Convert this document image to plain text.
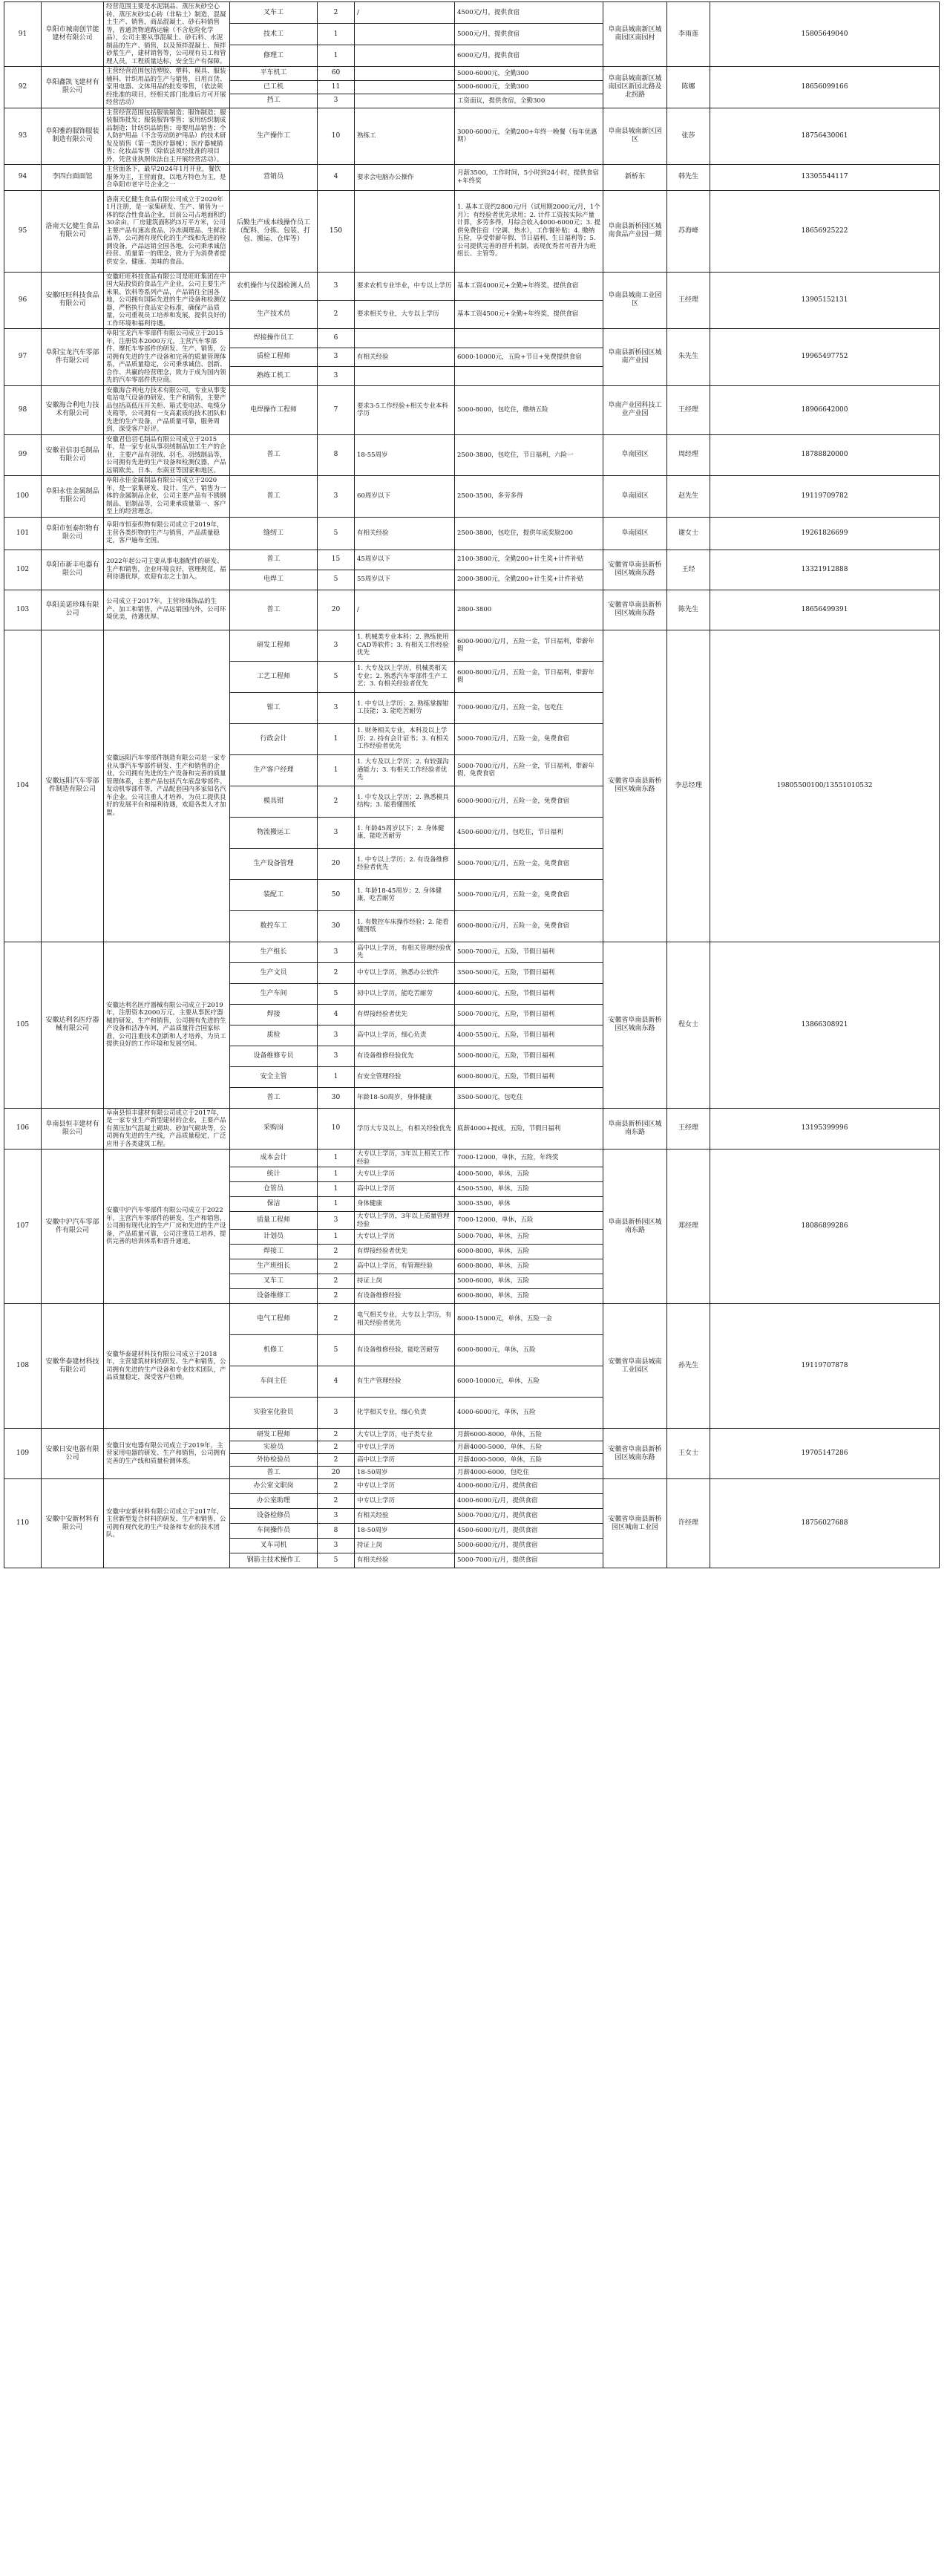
91	阜阳市城南创节能建材有限公司	经营范围主要是水泥制品、蒸压灰砂空心砖、蒸压灰砂实心砖（非粘土）制造，混凝土生产、销售，商品混凝土、砂石料销售等，普通货物道路运输（不含危险化学品），公司主要从事混凝土、砂石料、水泥制品的生产、销售，以及预拌混凝土、预拌砂浆生产，建材销售等，公司现有员工和管理人员，工程质量达标，安全生产有保障。	叉车工	2	/	4500元/月，提供食宿	阜南县城南新区城南园区南园村	李雨莲	15805649040
			技术工	1		5000元/月，提供食宿			
			修理工	1		6000元/月，提供食宿			
92	阜阳鑫凯飞建材有限公司	主营经营范围包括塑胶、塑料、模具、服装辅料、针织用品的生产与销售，日用百货、家用电器、文体用品的批发零售，（依法须经批准的项目，经相关部门批准后方可开展经营活动）	平车机工	60		5000-6000元，全勤300	阜南县城南新区城南园区新园北路及北拐路	陈娜	18656099166
			已工机	11		5000-6000元，全勤300			
			挡工	3		工资面议，提供食宿，全勤300			
93	阜阳雅韵服饰服装制造有限公司	主营经营范围包括服装制造；服饰制造；服装服饰批发；服装服饰零售；家用纺织制成品制造；针纺织品销售；母婴用品销售；个人防护用品（不含劳动防护用品）的技术研发及销售（第一类医疗器械）；医疗器械销售；化妆品零售（除依法须经批准的项目外，凭营业执照依法自主开展经营活动）。	生产操作工	10	熟练工	3000-6000元，全勤200+年终一晚餐（每年优惠期）	阜南县城南新区园区	张莎	18756430061
94	李四白面面馆	主营面条下，最早2024年1月开业，餐饮服务为主，主营面食，以地方特色为主，是合阜阳市老字号企业之一	营销员	4	要求会电脑办公操作	月薪3500，工作时间，5小时到24小时，提供食宿+年终奖	新桥东	韩先生	13305544117
95	洛南天亿健生食品有限公司	洛南天亿健生食品有限公司成立于2020年1月注册，是一家集研发、生产、销售为一体的综合性食品企业，目前公司占地面积约30余亩，厂房建筑面积约3万平方米，公司主要产品有速冻食品、冷冻调理品、生鲜冻品等，公司拥有现代化的生产线和先进的检测设备，产品远销全国各地，公司秉承诚信经营、质量第一的理念，致力于为消费者提供安全、健康、美味的食品。	后勤生产成本线操作员工（配料、分拣、包装、打包、搬运、仓库等）	150		1. 基本工资约2800元/月（试用期2000元/月，1个月）；有经验者优先录用；2. 计件工资按实际产量计算，多劳多得，月综合收入4000-6000元；3. 提供免费住宿（空调、热水），工作餐补贴；4. 缴纳五险，享受带薪年假、节日福利、生日福利等；5. 公司提供完善的晋升机制，表现优秀者可晋升为班组长、主管等。	阜南县新桥园区城南食品产业园一期	苏海峰	18656925222
96	安徽旺旺科技食品有限公司	安徽旺旺科技食品有限公司是旺旺集团在中国大陆投资的食品生产企业，公司主要生产米果、饮料等系列产品，产品销往全国各地，公司拥有国际先进的生产设备和检测仪器，严格执行食品安全标准，确保产品质量，公司重视员工培养和发展，提供良好的工作环境和福利待遇。	农机操作与仪器检测人员	3	要求农机专业毕业，中专以上学历	基本工资4000元+全勤+年终奖，提供食宿	阜南县城南工业园区	王经理	13905152131
			生产技术员	2	要求相关专业，大专以上学历	基本工资4500元+全勤+年终奖，提供食宿			
97	阜阳宝龙汽车零部件有限公司	阜阳宝龙汽车零部件有限公司成立于2015年，注册资本2000万元，主营汽车零部件、摩托车零部件的研发、生产、销售，公司拥有先进的生产设备和完善的质量管理体系，产品质量稳定，公司秉承诚信、创新、合作、共赢的经营理念，致力于成为国内领先的汽车零部件供应商。	焊接操作员工	6			阜南县新桥园区城南产业园	朱先生	19965497752
			质检工程师	3	有相关经验	6000-10000元，五险+节日+免费提供食宿			
			熟练工机工	3					
98	安徽海合利电力技术有限公司	安徽海合利电力技术有限公司，专业从事变电站电气设备的研发、生产和销售，主要产品包括高低压开关柜、箱式变电站、电缆分支箱等，公司拥有一支高素质的技术团队和先进的生产设备，产品质量可靠，服务周到，深受客户好评。	电焊操作工程师	7	要求3-5工作经验+相关专业本科学历	5000-8000，包吃住，缴纳五险	阜南产业园科技工业产业园	王经理	18906642000
99	安徽君信羽毛制品有限公司	安徽君信羽毛制品有限公司成立于2015年，是一家专业从事羽绒制品加工生产的企业，主要产品有羽绒、羽毛、羽绒制品等，公司拥有先进的生产设备和检测仪器，产品远销欧美、日本、东南亚等国家和地区。	普工	8	18-55周岁	2500-3800，包吃住，节日福利，六险一	阜南园区	周经理	18788820000
100	阜阳永佳金属制品有限公司	阜阳永佳金属制品有限公司成立于2020年，是一家集研发、设计、生产、销售为一体的金属制品企业，公司主要产品有不锈钢制品、铝制品等，公司秉承质量第一、客户至上的经营理念。	普工	3	60周岁以下	2500-3500，多劳多得	阜南园区	赵先生	19119709782
101	阜阳市恒泰织物有限公司	阜阳市恒泰织物有限公司成立于2019年，主营各类织物的生产与销售，产品质量稳定，客户遍布全国。	缝纫工	5	有相关经验	2500-3800，包吃住，提供年底奖励200	阜南园区	谢女士	19261826699
102	阜阳市新丰电器有限公司	2022年起公司主要从事电器配件的研发、生产和销售，企业环境良好，管理规范，福利待遇优厚，欢迎有志之士加入。	普工	15	45周岁以下	2100-3800元，全勤200+计生奖+计件补贴	安徽省阜南县新桥园区城南东路	王经	13321912888
			电焊工	5	55周岁以下	2000-3800元，全勤200+计生奖+计件补贴			
103	阜阳美诺珍珠有限公司	公司成立于2017年，主营珍珠饰品的生产、加工和销售，产品远销国内外，公司环境优美，待遇优厚。	普工	20	/	2800-3800	安徽省阜南县新桥园区城南东路	陈先生	18656499391
104	安徽远阳汽车零部件制造有限公司	安徽远阳汽车零部件制造有限公司是一家专业从事汽车零部件研发、生产和销售的企业，公司拥有先进的生产设备和完善的质量管理体系，主要产品包括汽车底盘零部件、发动机零部件等，产品配套国内多家知名汽车企业。公司注重人才培养，为员工提供良好的发展平台和福利待遇，欢迎各类人才加盟。	研发工程师	3	1. 机械类专业本科；2. 熟练使用CAD等软件；3. 有相关工作经验优先	6000-9000元/月，五险一金，节日福利，带薪年假	安徽省阜南县新桥园区城南东路	李总经理	19805500100/13551010532
			工艺工程师	5	1. 大专及以上学历，机械类相关专业；2. 熟悉汽车零部件生产工艺；3. 有相关经验者优先	6000-8000元/月，五险一金，节日福利，带薪年假			
			钳工	3	1. 中专以上学历；2. 熟练掌握钳工技能；3. 能吃苦耐劳	7000-9000元/月，五险一金，包吃住			
			行政会计	1	1. 财务相关专业，本科及以上学历；2. 持有会计证书；3. 有相关工作经验者优先	5000-7000元/月，五险一金，免费食宿			
			生产客户经理	1	1. 大专及以上学历；2. 有较强沟通能力；3. 有相关工作经验者优先	5000-7000元/月，五险一金，节日福利，带薪年假，免费食宿			
			模具钳	2	1. 中专及以上学历；2. 熟悉模具结构；3. 能看懂图纸	6000-9000元/月，五险一金，免费食宿			
			物流搬运工	3	1. 年龄45周岁以下；2. 身体健康，能吃苦耐劳	4500-6000元/月，包吃住，节日福利			
			生产设备管理	20	1. 中专以上学历；2. 有设备维修经验者优先	5000-7000元/月，五险一金，免费食宿			
			装配工	50	1. 年龄18-45周岁；2. 身体健康，吃苦耐劳	5000-7000元/月，五险一金，免费食宿			
			数控车工	30	1. 有数控车床操作经验；2. 能看懂图纸	6000-8000元/月，五险一金，免费食宿			
105	安徽达利名医疗器械有限公司	安徽达利名医疗器械有限公司成立于2019年，注册资本2000万元，主要从事医疗器械的研发、生产和销售，公司拥有先进的生产设备和洁净车间，产品质量符合国家标准，公司注重技术创新和人才培养，为员工提供良好的工作环境和发展空间。	生产组长	3	高中以上学历，有相关管理经验优先	5000-7000元，五险，节假日福利	安徽省阜南县新桥园区城南东路	程女士	13866308921
			生产文员	2	中专以上学历，熟悉办公软件	3500-5000元，五险，节假日福利			
			生产车间	5	初中以上学历，能吃苦耐劳	4000-6000元，五险，节假日福利			
			焊接	4	有焊接经验者优先	5000-7000元，五险，节假日福利			
			质检	3	高中以上学历，细心负责	4000-5500元，五险，节假日福利			
			设备维修专员	3	有设备维修经验优先	5000-8000元，五险，节假日福利			
			安全主管	1	有安全管理经验	6000-8000元，五险，节假日福利			
			普工	30	年龄18-50周岁，身体健康	3500-5000元，包吃住			
106	阜南县恒丰建材有限公司	阜南县恒丰建材有限公司成立于2017年，是一家专业生产新型建材的企业，主要产品有蒸压加气混凝土砌块、砂加气砌块等，公司拥有先进的生产线，产品质量稳定，广泛应用于各类建筑工程。	采购岗	10	学历大专及以上，有相关经验优先	底薪4000+提成，五险，节假日福利	阜南县新桥园区城南东路	王经理	13195399996
107	安徽中沪汽车零部件有限公司	安徽中沪汽车零部件有限公司成立于2022年，主营汽车零部件的研发、生产和销售，公司拥有现代化的生产厂房和先进的生产设备，产品质量可靠，公司注重员工培养，提供完善的培训体系和晋升通道。	成本会计	1	大专以上学历，3年以上相关工作经验	7000-12000，单休，五险，年终奖	阜南县新桥园区城南东路	郑经理	18086899286
			统计	1	大专以上学历	4000-5000，单休，五险			
			仓管员	1	高中以上学历	4500-5500，单休，五险			
			保洁	1	身体健康	3000-3500，单休			
			质量工程师	3	大专以上学历，3年以上质量管理经验	7000-12000，单休，五险			
			计划员	1	大专以上学历	5000-7000，单休，五险			
			焊接工	2	有焊接经验者优先	6000-8000，单休，五险			
			生产班组长	2	高中以上学历，有管理经验	6000-8000，单休，五险			
			叉车工	2	持证上岗	5000-6000，单休，五险			
			设备维修工	2	有设备维修经验	6000-8000，单休，五险			
108	安徽华泰建材科技有限公司	安徽华泰建材科技有限公司成立于2018年，主营建筑材料的研发、生产和销售，公司拥有先进的生产设备和专业技术团队，产品质量稳定，深受客户信赖。	电气工程师	2	电气相关专业，大专以上学历，有相关经验者优先	8000-15000元，单休，五险一金	安徽省阜南县城南工业园区	孙先生	19119707878
			机修工	5	有设备维修经验，能吃苦耐劳	6000-8000元，单休，五险			
			车间主任	4	有生产管理经验	6000-10000元，单休，五险			
			实验室化验员	3	化学相关专业，细心负责	4000-6000元，单休，五险			
109	安徽日安电器有限公司	安徽日安电器有限公司成立于2019年，主营家用电器的研发、生产和销售，公司拥有完善的生产线和质量检测体系。	研发工程师	2	大专以上学历，电子类专业	月薪6000-8000，单休，五险	安徽省阜南县新桥园区城南东路	王女士	19705147286
			实验员	2	中专以上学历	月薪4000-5000，单休，五险			
			外协检验员	2	高中以上学历	月薪4000-5000，单休，五险			
			普工	20	18-50周岁	月薪4000-6000，包吃住			
110	安徽中安新材料有限公司	安徽中安新材料有限公司成立于2017年，主营新型复合材料的研发、生产和销售，公司拥有现代化的生产设备和专业的技术团队。	办公室文职岗	2	中专以上学历	4000-6000元/月，提供食宿	安徽省阜南县新桥园区城南工业园	许经理	18756027688
			办公室助理	2	中专以上学历	4000-6000元/月，提供食宿			
			设备检修员	3	有相关经验	5000-7000元/月，提供食宿			
			车间操作员	8	18-50周岁	4500-6000元/月，提供食宿			
			叉车司机	3	持证上岗	5000-6000元/月，提供食宿			
			钢筋主技术操作工	5	有相关经验	5000-7000元/月，提供食宿			
